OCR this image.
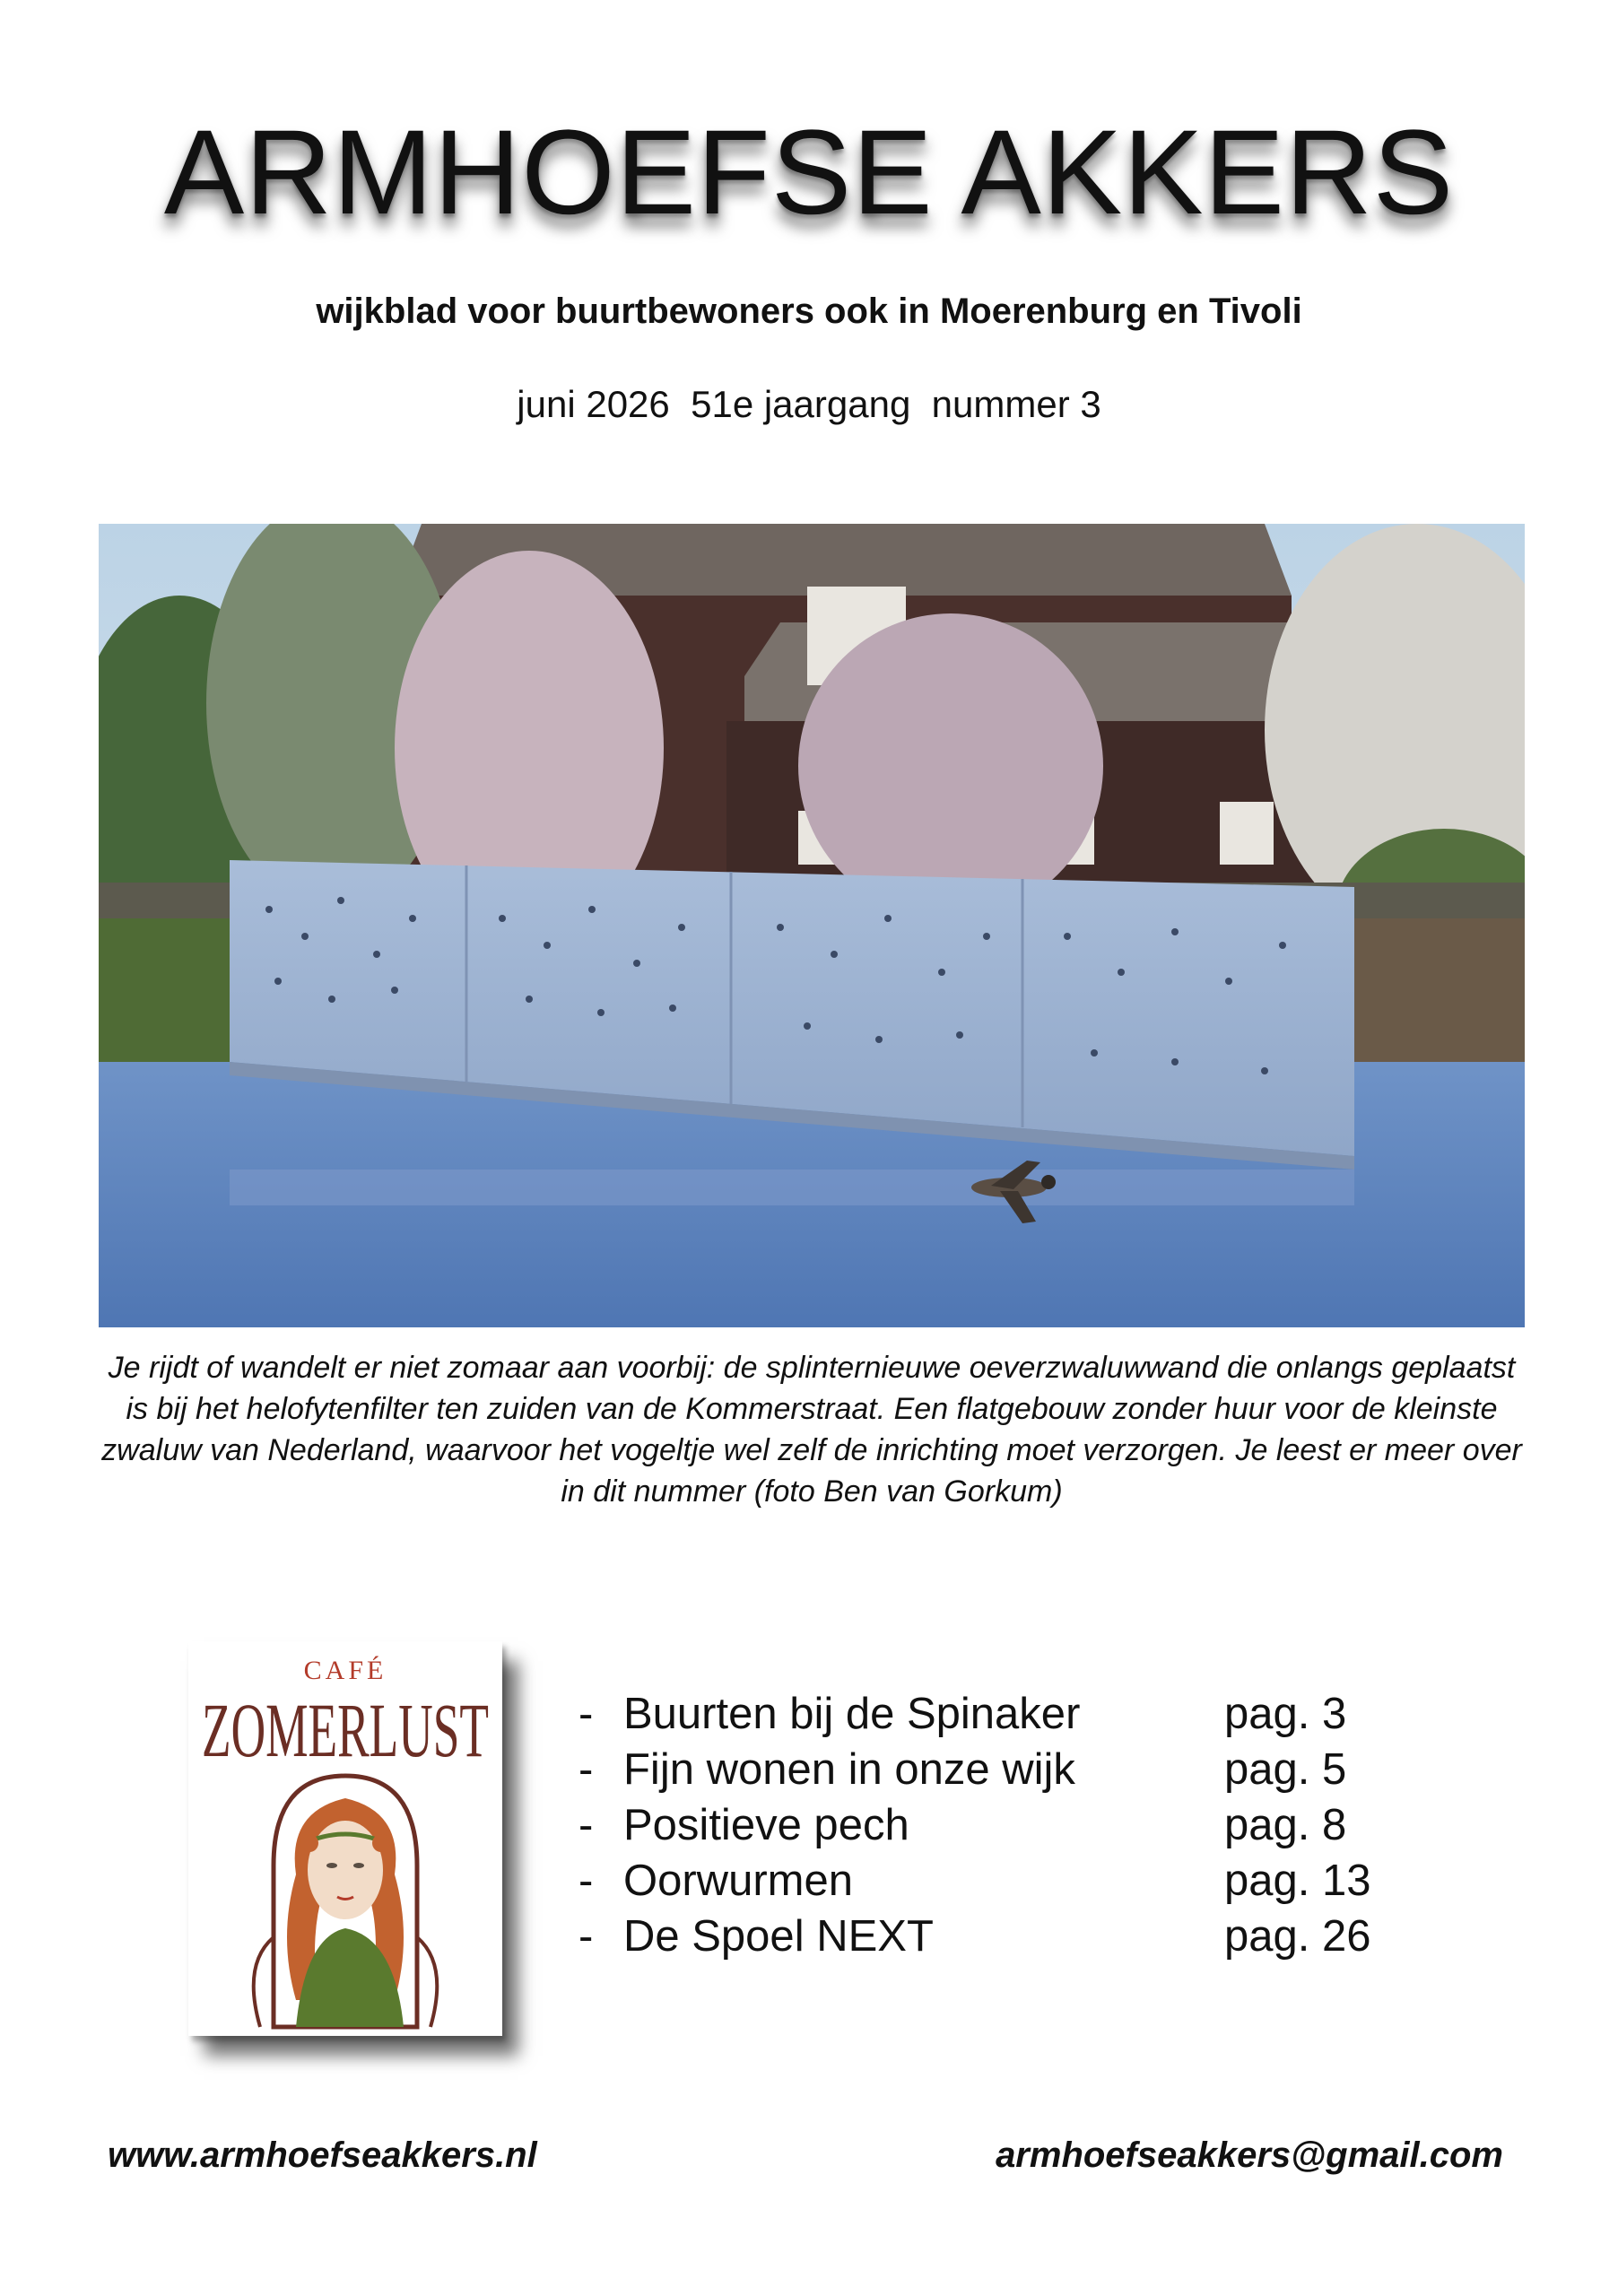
ARMHOEFSE AKKERS
wijkblad voor buurtbewoners ook in Moerenburg en Tivoli
juni 2026  51e jaargang  nummer 3
Je rijdt of wandelt er niet zomaar aan voorbij: de splinternieuwe oeverzwaluwwand die onlangs geplaatst is bij het helofytenfilter ten zuiden van de Kommerstraat. Een flatgebouw zonder huur voor de kleinste zwaluw van Nederland, waarvoor het vogeltje wel zelf de inrichting moet verzorgen. Je leest er meer over in dit nummer (foto Ben van Gorkum)
CAFÉ
ZOMERLUST - Buurten bij de Spinaker	pag. 3
- Fijn wonen in onze wijk	pag. 5
- Positieve pech	pag. 8
- Oorwurmen	pag. 13
- De Spoel NEXT	pag. 26
www.armhoefseakkers.nl	armhoefseakkers@gmail.com
